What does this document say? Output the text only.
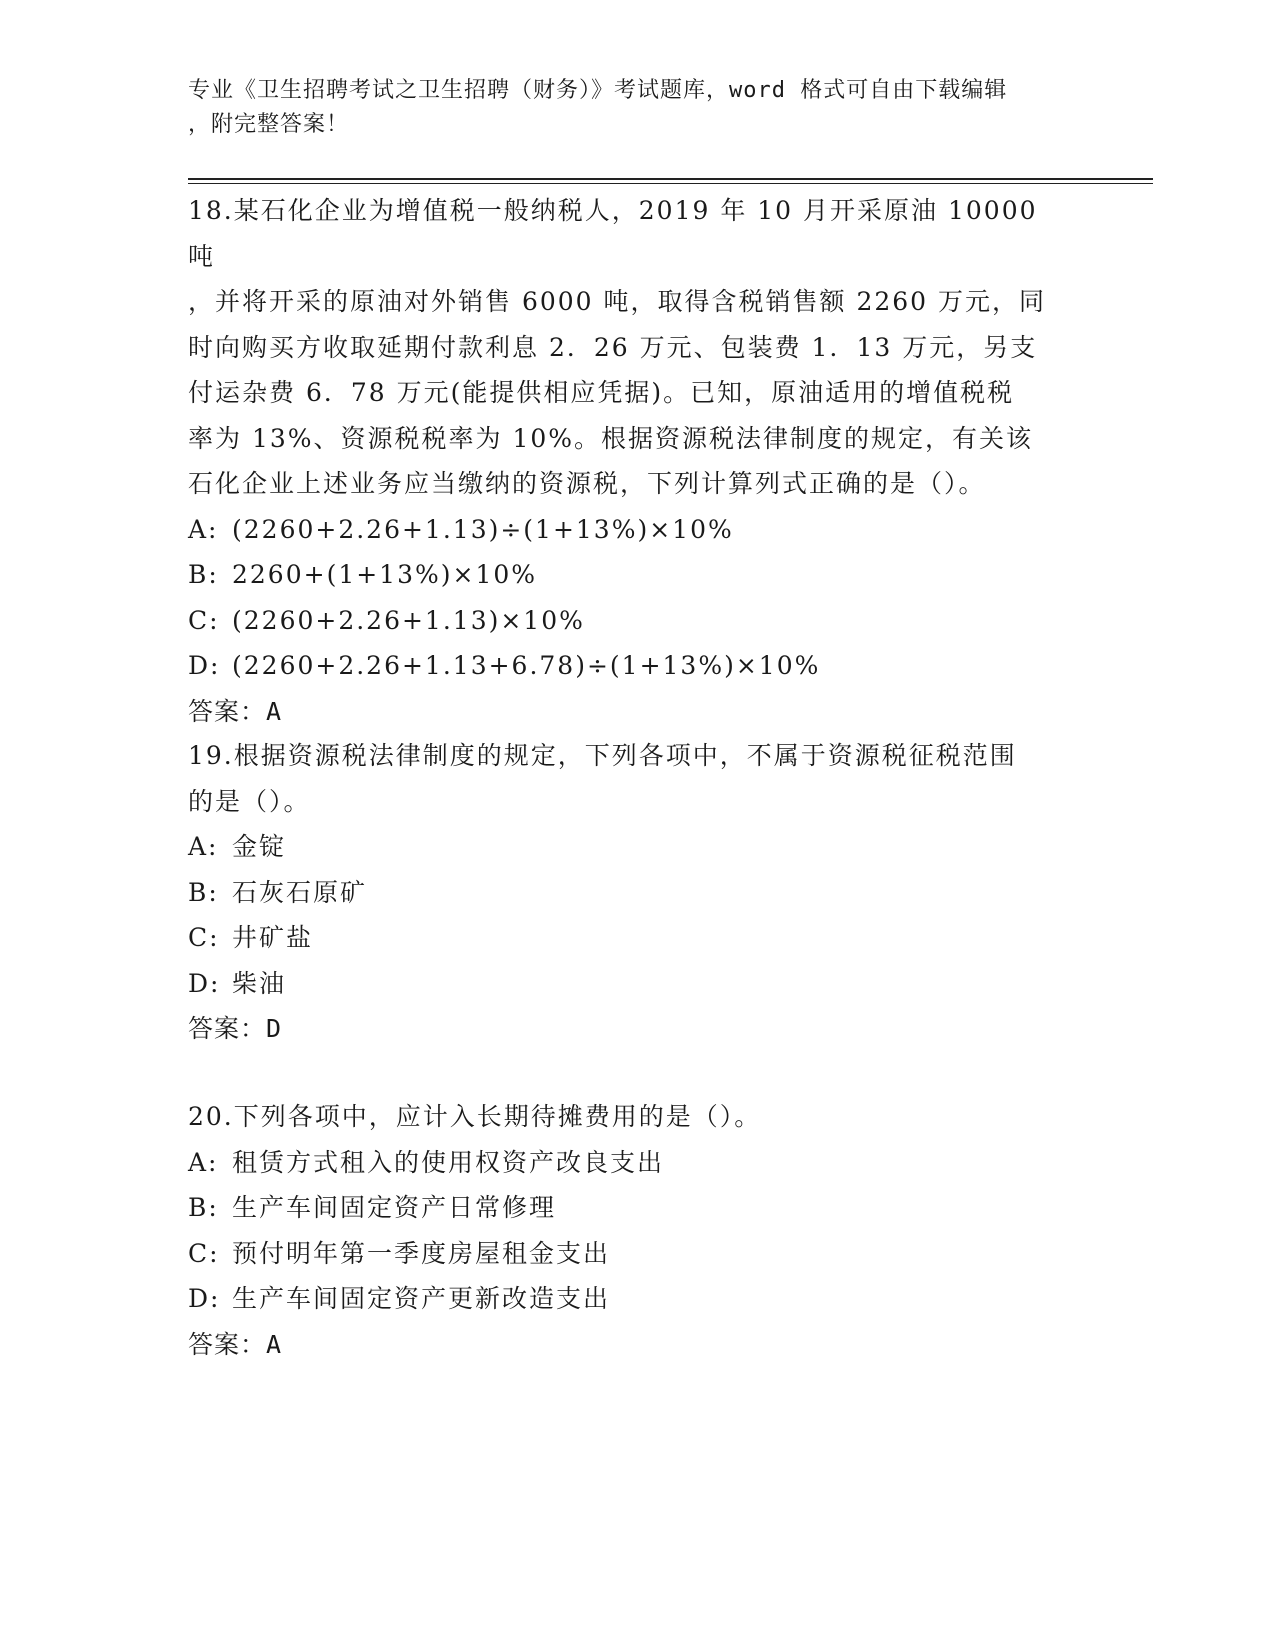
专业《卫生招聘考试之卫生招聘（财务）》考试题库，word 格式可自由下载编辑
，附完整答案！
18.某石化企业为增值税一般纳税人，2019 年 10 月开采原油 10000 吨
，并将开采的原油对外销售 6000 吨，取得含税销售额 2260 万元，同
时向购买方收取延期付款利息 2．26 万元、包装费 1．13 万元，另支
付运杂费 6．78 万元(能提供相应凭据)。已知，原油适用的增值税税
率为 13%、资源税税率为 10%。根据资源税法律制度的规定，有关该
石化企业上述业务应当缴纳的资源税，下列计算列式正确的是（）。
A: (2260+2.26+1.13)÷(1+13%)×10%
B: 2260+(1+13%)×10%
C: (2260+2.26+1.13)×10%
D: (2260+2.26+1.13+6.78)÷(1+13%)×10%
答案：A
19.根据资源税法律制度的规定，下列各项中，不属于资源税征税范围
的是（）。
A: 金锭
B: 石灰石原矿
C: 井矿盐
D: 柴油
答案：D
20.下列各项中，应计入长期待摊费用的是（）。
A: 租赁方式租入的使用权资产改良支出
B: 生产车间固定资产日常修理
C: 预付明年第一季度房屋租金支出
D: 生产车间固定资产更新改造支出
答案：A
